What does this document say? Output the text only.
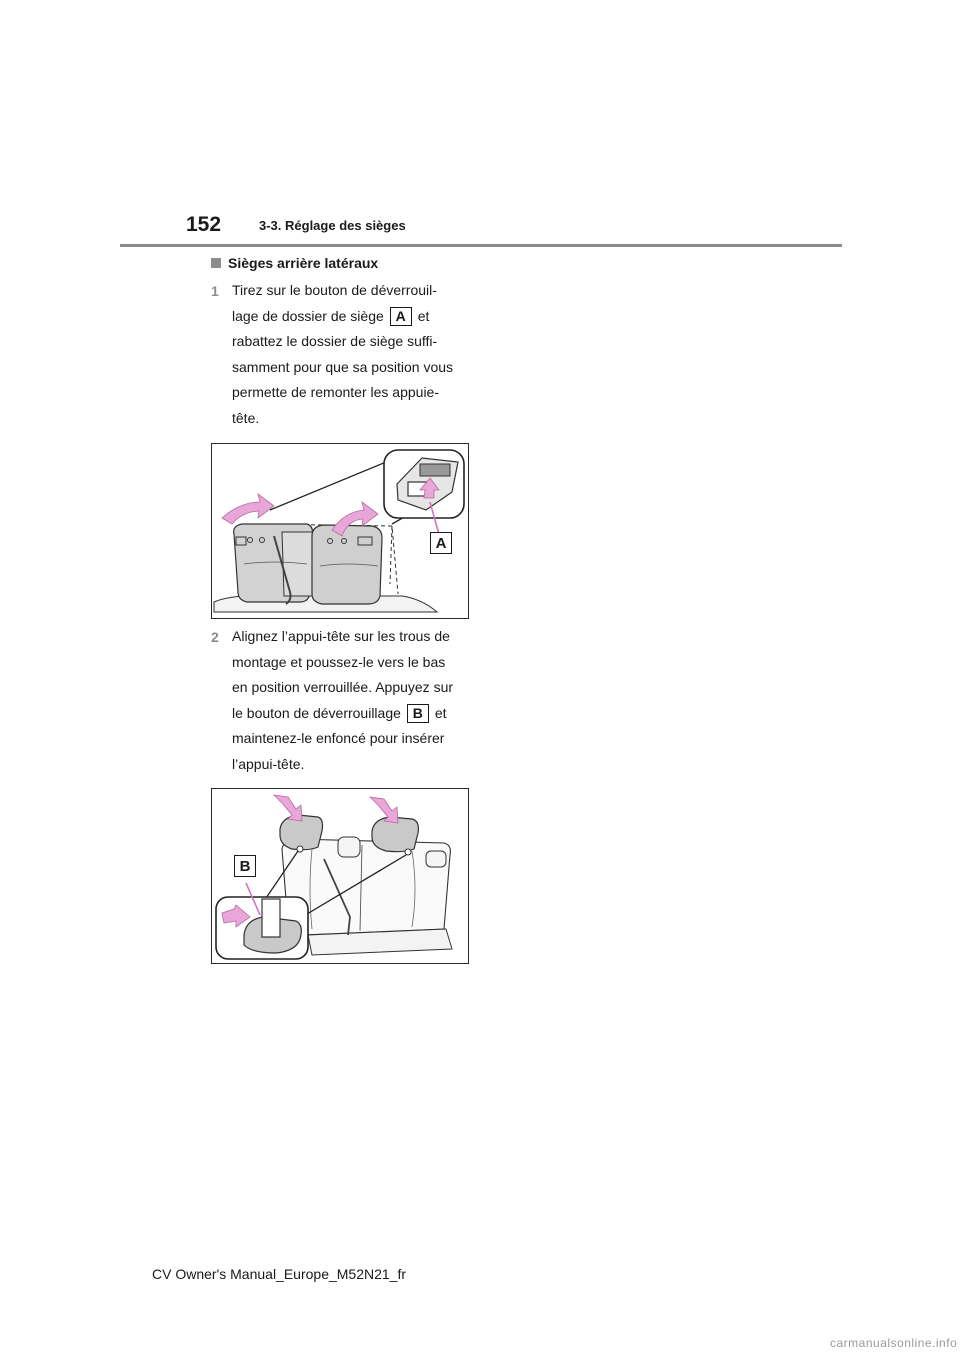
152	3-3. Réglage des sièges
Sièges arrière latéraux
1 Tirez sur le bouton de déverrouil-
lage de dossier de siège A et
rabattez le dossier de siège suffi-
samment pour que sa position vous
permette de remonter les appuie-
tête.
A
2 Alignez l’appui-tête sur les trous de
montage et poussez-le vers le bas
en position verrouillée. Appuyez sur
le bouton de déverrouillage B et
maintenez-le enfoncé pour insérer
l’appui-tête.
B
CV Owner's Manual_Europe_M52N21_fr
carmanualsonline.info
